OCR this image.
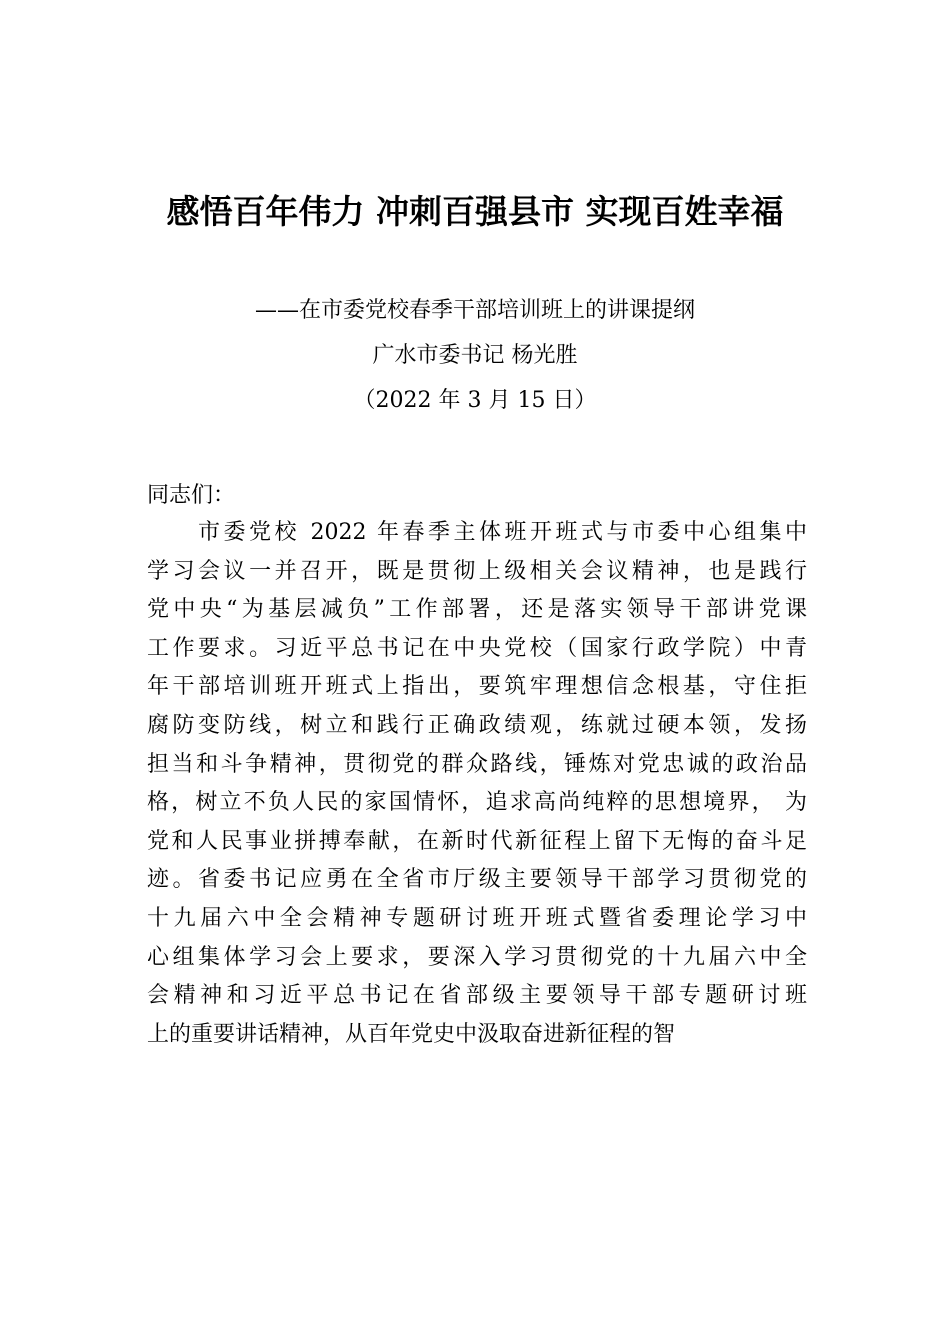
感悟百年伟力 冲刺百强县市 实现百姓幸福

——在市委党校春季干部培训班上的讲课提纲

广水市委书记 杨光胜

（2022 年 3 月 15 日）

同志们：

　　市委党校 2022 年春季主体班开班式与市委中心组集中
学习会议一并召开，既是贯彻上级相关会议精神，也是践行
党中央“为基层减负”工作部署，还是落实领导干部讲党课
工作要求。习近平总书记在中央党校（国家行政学院）中青
年干部培训班开班式上指出，要筑牢理想信念根基，守住拒
腐防变防线，树立和践行正确政绩观，练就过硬本领，发扬
担当和斗争精神，贯彻党的群众路线，锤炼对党忠诚的政治品
格，树立不负人民的家国情怀，追求高尚纯粹的思想境界， 为
党和人民事业拼搏奉献，在新时代新征程上留下无悔的奋斗足
迹。省委书记应勇在全省市厅级主要领导干部学习贯彻党的
十九届六中全会精神专题研讨班开班式暨省委理论学习中
心组集体学习会上要求，要深入学习贯彻党的十九届六中全
会精神和习近平总书记在省部级主要领导干部专题研讨班
上的重要讲话精神，从百年党史中汲取奋进新征程的智
